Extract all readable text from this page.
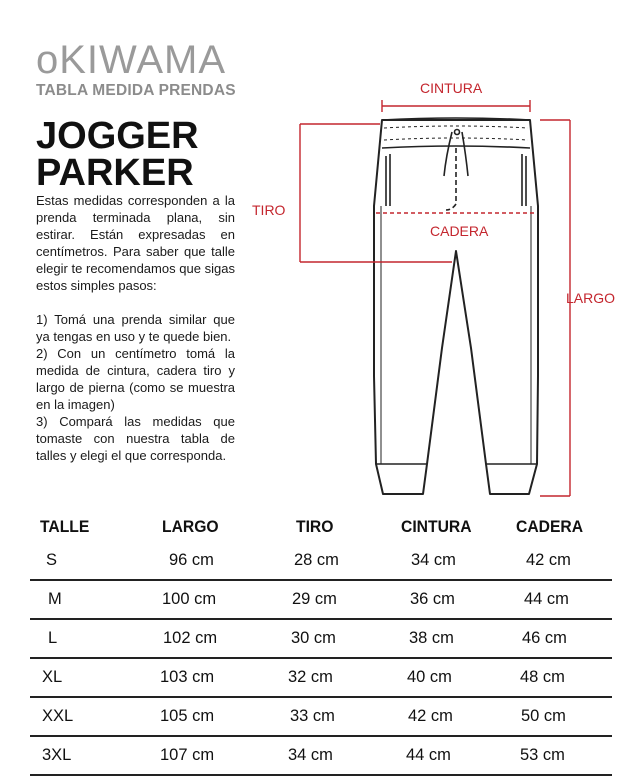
oKIWAMA
TABLA MEDIDA PRENDAS
JOGGER
PARKER

Estas medidas corresponden a la prenda terminada plana, sin estirar. Están expresadas en centímetros. Para saber que talle elegir te recomendamos que sigas estos simples pasos:

1) Tomá una prenda similar que ya tengas en uso y te quede bien.

2) Con un centímetro tomá la medida de cintura, cadera tiro y largo de pierna (como se muestra en la imagen)

3) Compará las medidas que tomaste con nuestra tabla de talles y elegi el que corresponda.

CINTURA
TIRO
CADERA
LARGO
TALLE	LARGO	TIRO	CINTURA	CADERA
S	96 cm	28 cm	34 cm	42 cm
M	100 cm	29 cm	36 cm	44 cm
L	102 cm	30 cm	38 cm	46 cm
XL	103 cm	32 cm	40 cm	48 cm
XXL	105 cm	33 cm	42 cm	50 cm
3XL	107 cm	34 cm	44 cm	53 cm
